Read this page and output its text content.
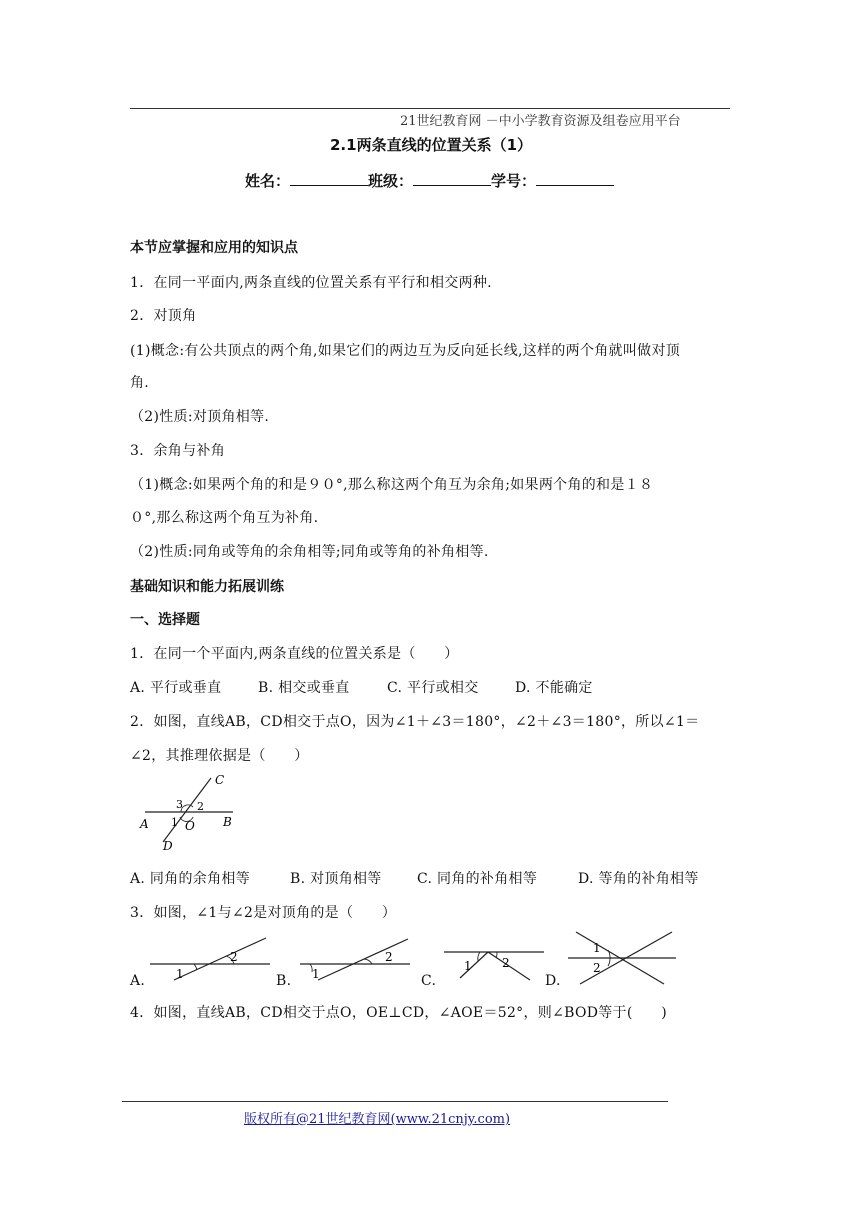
21世纪教育网 －中小学教育资源及组卷应用平台
2.1两条直线的位置关系（1）
姓名：	班级：	学号：
本节应掌握和应用的知识点
1．在同一平面内,两条直线的位置关系有平行和相交两种.
2．对顶角
(1)概念:有公共顶点的两个角,如果它们的两边互为反向延长线,这样的两个角就叫做对顶
角.
（2)性质:对顶角相等.
3．余角与补角
（1)概念:如果两个角的和是９０°,那么称这两个角互为余角;如果两个角的和是１８
０°,那么称这两个角互为补角.
（2)性质:同角或等角的余角相等;同角或等角的补角相等.
基础知识和能力拓展训练
一、选择题
1．在同一个平面内,两条直线的位置关系是（　　）
A. 平行或垂直	B. 相交或垂直	C. 平行或相交	D. 不能确定
2．如图，直线AB，CD相交于点O，因为∠1＋∠3＝180°，∠2＋∠3＝180°，所以∠1＝
∠2，其推理依据是（　　）
C
3 2
A 1 O B
D
A. 同角的余角相等	B. 对顶角相等	C. 同角的补角相等	D. 等角的补角相等
3．如图，∠1与∠2是对顶角的是（　　）
A.	B.	C.	D.
1
2
1
2
1	2
1
2
4．如图，直线AB，CD相交于点O，OE⊥CD，∠AOE＝52°，则∠BOD等于(　　)
版权所有@21世纪教育网(www.21cnjy.com)
